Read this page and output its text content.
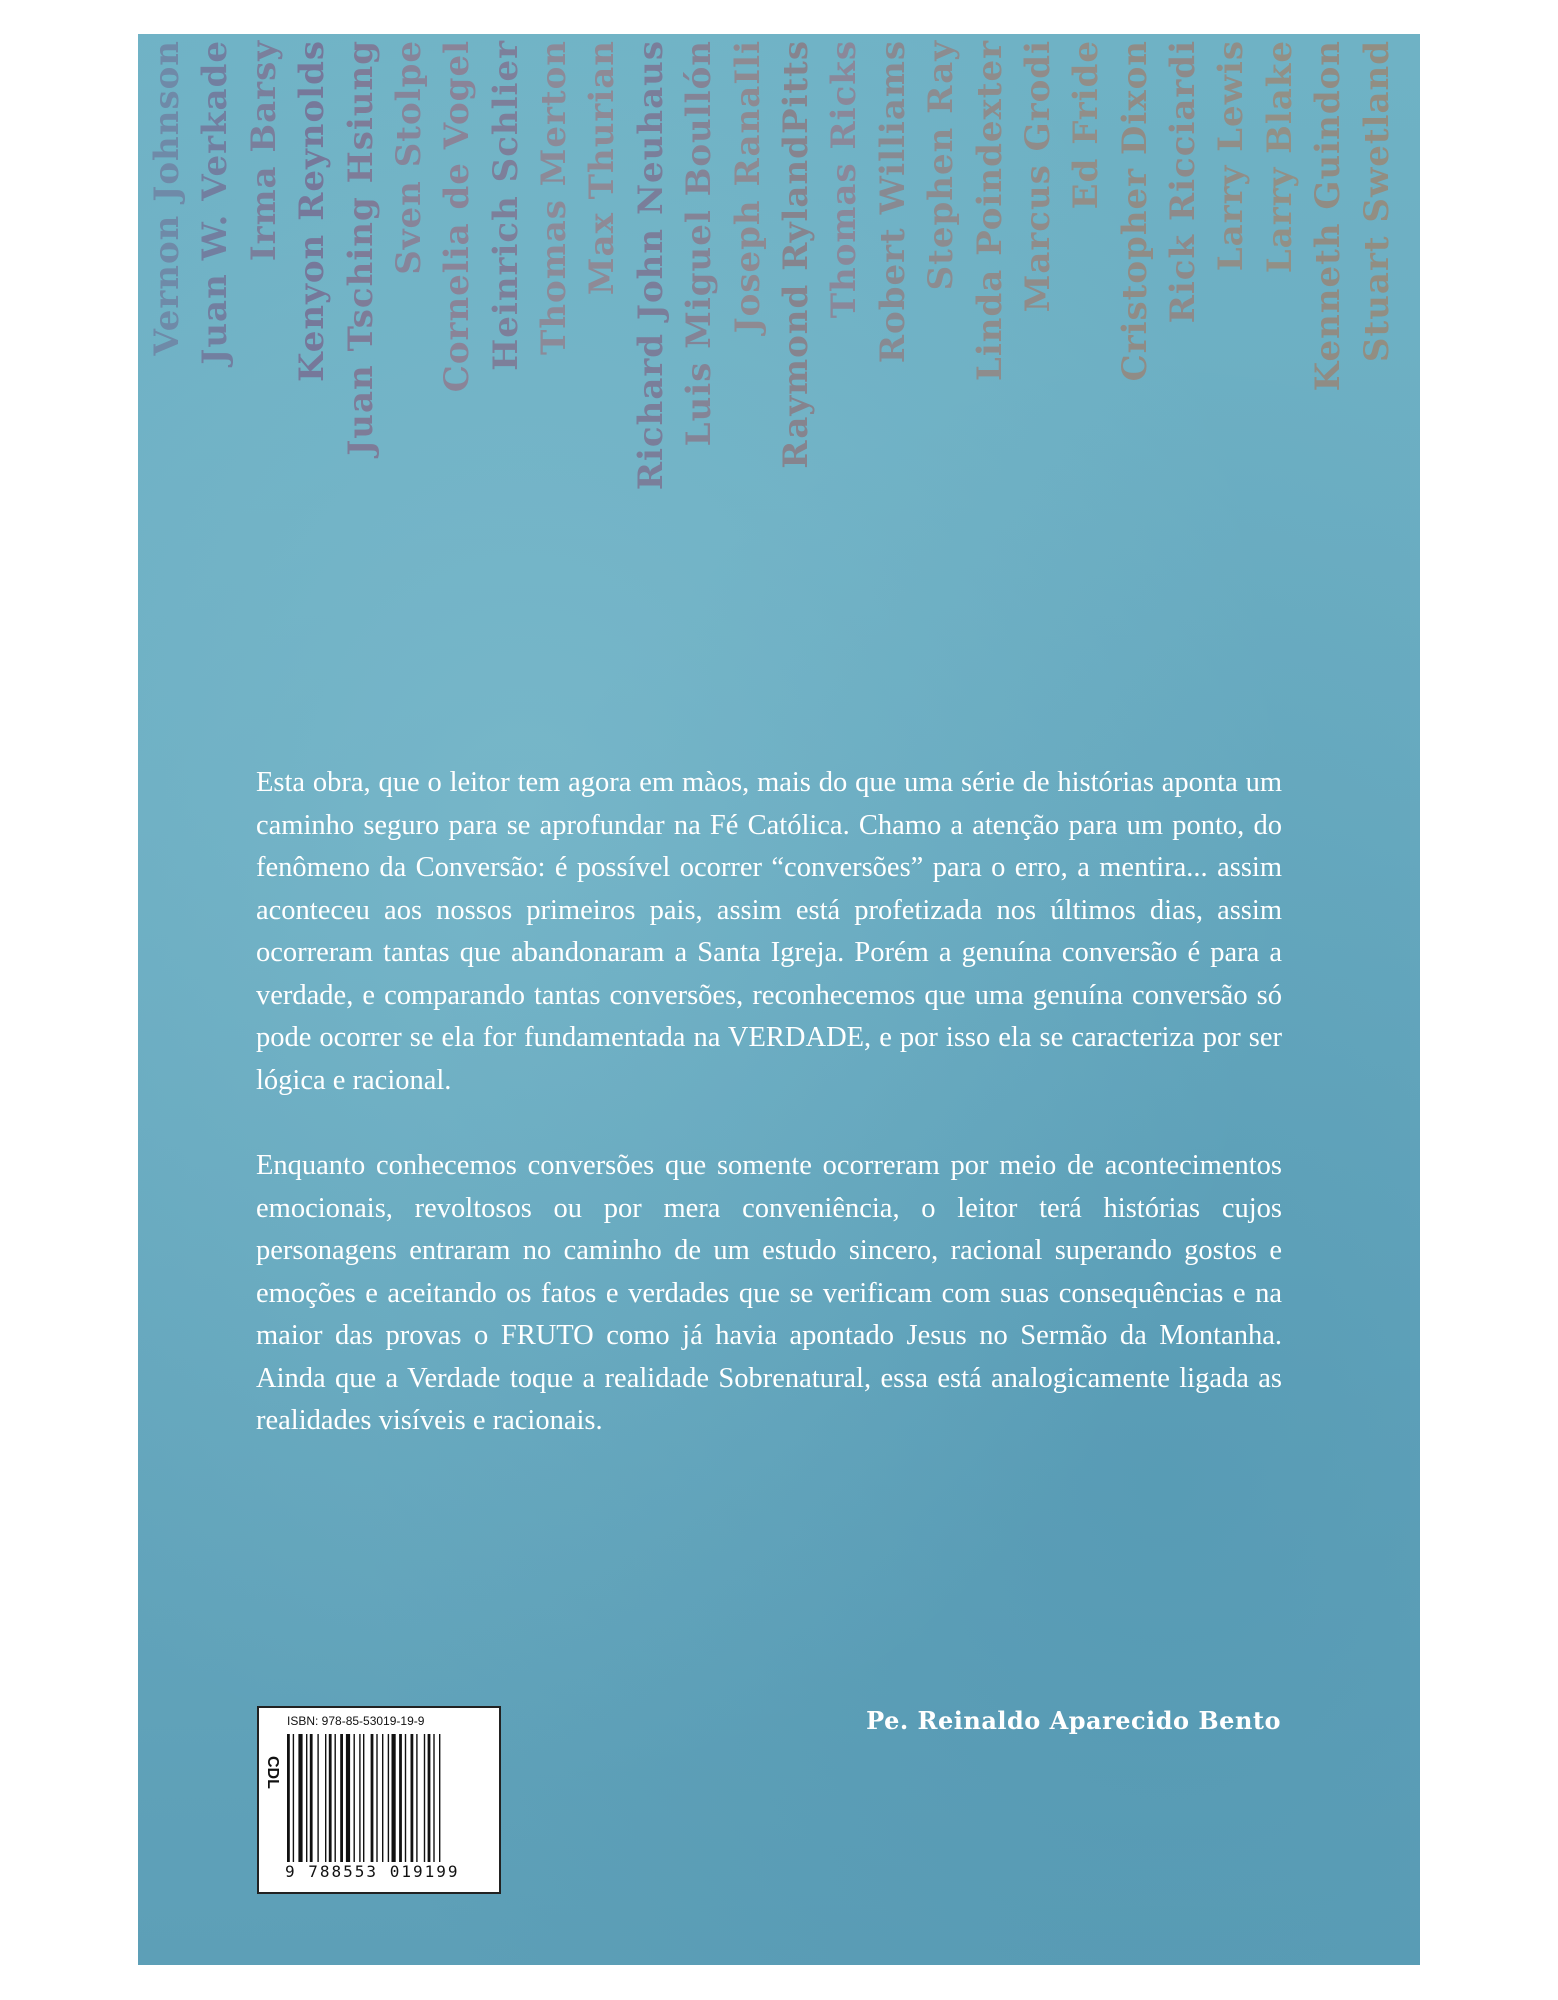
Vernon Johnson Juan W. Verkade Irma Barsy Kenyon Reynolds Juan Tsching Hsiung Sven Stolpe Cornelia de Vogel Heinrich Schlier Thomas Merton Max Thurian Richard John Neuhaus Luis Miguel Boullón Joseph RanaIli Raymond RylandPitts Thomas Ricks Robert Williams Stephen Ray Linda Poindexter Marcus Grodi Ed Fride Cristopher Dixon Rick Ricciardi Larry Lewis Larry Blake Kenneth Guindon Stuart Swetland

Esta obra, que o leitor tem agora em màos, mais do que uma série de histórias aponta um caminho seguro para se aprofundar na Fé Católica. Chamo a atenção para um ponto, do fenômeno da Conversão: é possível ocorrer “conversões” para o erro, a mentira... assim aconteceu aos nossos primeiros pais, assim está profetizada nos últimos dias, assim ocorreram tantas que abandonaram a Santa Igreja. Porém a genuína conversão é para a verdade, e comparando tantas conversões, reconhecemos que uma genuína conversão só pode ocorrer se ela for fundamentada na VERDADE, e por isso ela se caracteriza por ser lógica e racional.

Enquanto conhecemos conversões que somente ocorreram por meio de acontecimentos emocionais, revoltosos ou por mera conveniência, o leitor terá histórias cujos personagens entraram no caminho de um estudo sincero, racional superando gostos e emoções e aceitando os fatos e verdades que se verificam com suas consequências e na maior das provas o FRUTO como já havia apontado Jesus no Sermão da Montanha. Ainda que a Verdade toque a realidade Sobrenatural, essa está analogicamente ligada as realidades visíveis e racionais.

Pe. Reinaldo Aparecido Bento
ISBN: 978-85-53019-19-9
CDL
9 788553 019199
